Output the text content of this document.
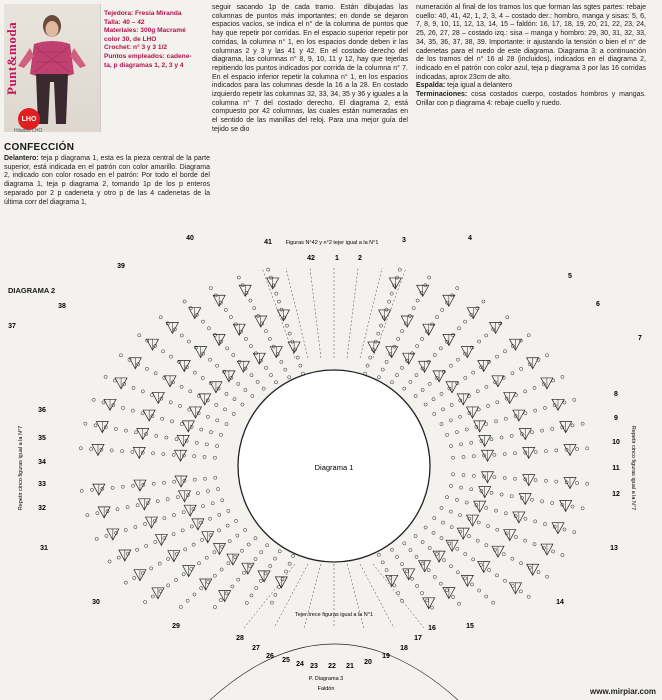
Punt&moda
LHO
Hilados LHO
Tejedora: Fresia Miranda
Talla: 40 – 42
Materiales: 300g Macramé
color 30, de LHO
Crochet: n° 3 y 3 1/2
Puntos empleados: cadene-
ta, p diagramas 1, 2, 3 y 4
CONFECCIÓN
Delantero: teja p diagrama 1, esta es la pieza central de la parte superior, está indicada en el patrón con color amarillo. Diagrama 2, indicado con color rosado en el patrón: Por todo el borde del diagrama 1, teja p diagrama 2, tomando 1p de los p enteros separado por 2 p cadeneta y otro p de las 4 cadenetas de la última corr del diagrama 1,
seguir sacando 1p de cada tramo. Están dibujadas las columnas de puntos más importantes; en donde se dejaron espacios vacíos, se indica el n° de la columna de puntos que hay que repetir por corridas. En el espacio superior repetir por corridas, la columna n° 1, en los espacios donde deben ir las columnas 2 y 3 y las 41 y 42. En el costado derecho del diagrama, las columnas n° 8, 9, 10, 11 y 12, hay que tejerlas repitiendo los puntos indicados por corrida de la columna n° 7. En el espacio inferior repetir la columna n° 1, en los espacios indicados para las columnas desde la 16 a la 28. En costado izquierdo repetir las columnas 32, 33, 34, 35 y 36 y iguales a la columna n° 7 del costado derecho. El diagrama 2, está compuesto por 42 columnas, las cuales están numeradas en el sentido de las manillas del reloj. Para una mejor guía del tejido se dio
numeración al final de los tramos los que forman las sgtes partes: rebaje cuello: 40, 41, 42, 1, 2, 3, 4 – costado der.: hombro, manga y sisas: 5, 6, 7, 8, 9, 10, 11, 12, 13, 14, 15 – faldón: 16, 17, 18, 19, 20, 21, 22, 23, 24, 25, 26, 27, 28 – costado izq.: sisa – manga y hombro: 29, 30, 31, 32, 33, 34, 35, 36, 37, 38, 39. Importante: ir ajustando la tensión o bien el n° de cadenetas para el ruedo de este diagrama. Diagrama 3: a continuación de los tramos del n° 16 al 28 (incluidos), indicados en el diagrama 2, indicado en el patrón con color azul, teja p diagrama 3 por las 16 corridas indicadas, aprox 23cm de alto.
Espalda: teja igual a delantero
Terminaciones: cosa costados cuerpo, costados hombros y mangas. Orillar con p diagrama 4: rebaje cuello y ruedo.
Diagrama 1
Figuras N°42 y n°2 tejer igual a la N°1
Tejer trece figuras igual a la N°1
Repetir cinco figuras igual a la N°7	Repetir cinco figuras igual a la N°7
P. Diagrama 3
Faldón
40
41
42	1	2
3	4
39
38
37
5
6
7
36
35
34
33
32
8
9
10
11
12
31	13
30	14
29	15
28
27
26
25
24 23 22 21
20
19
18
17
16
DIAGRAMA 2
www.mirpiar.com
